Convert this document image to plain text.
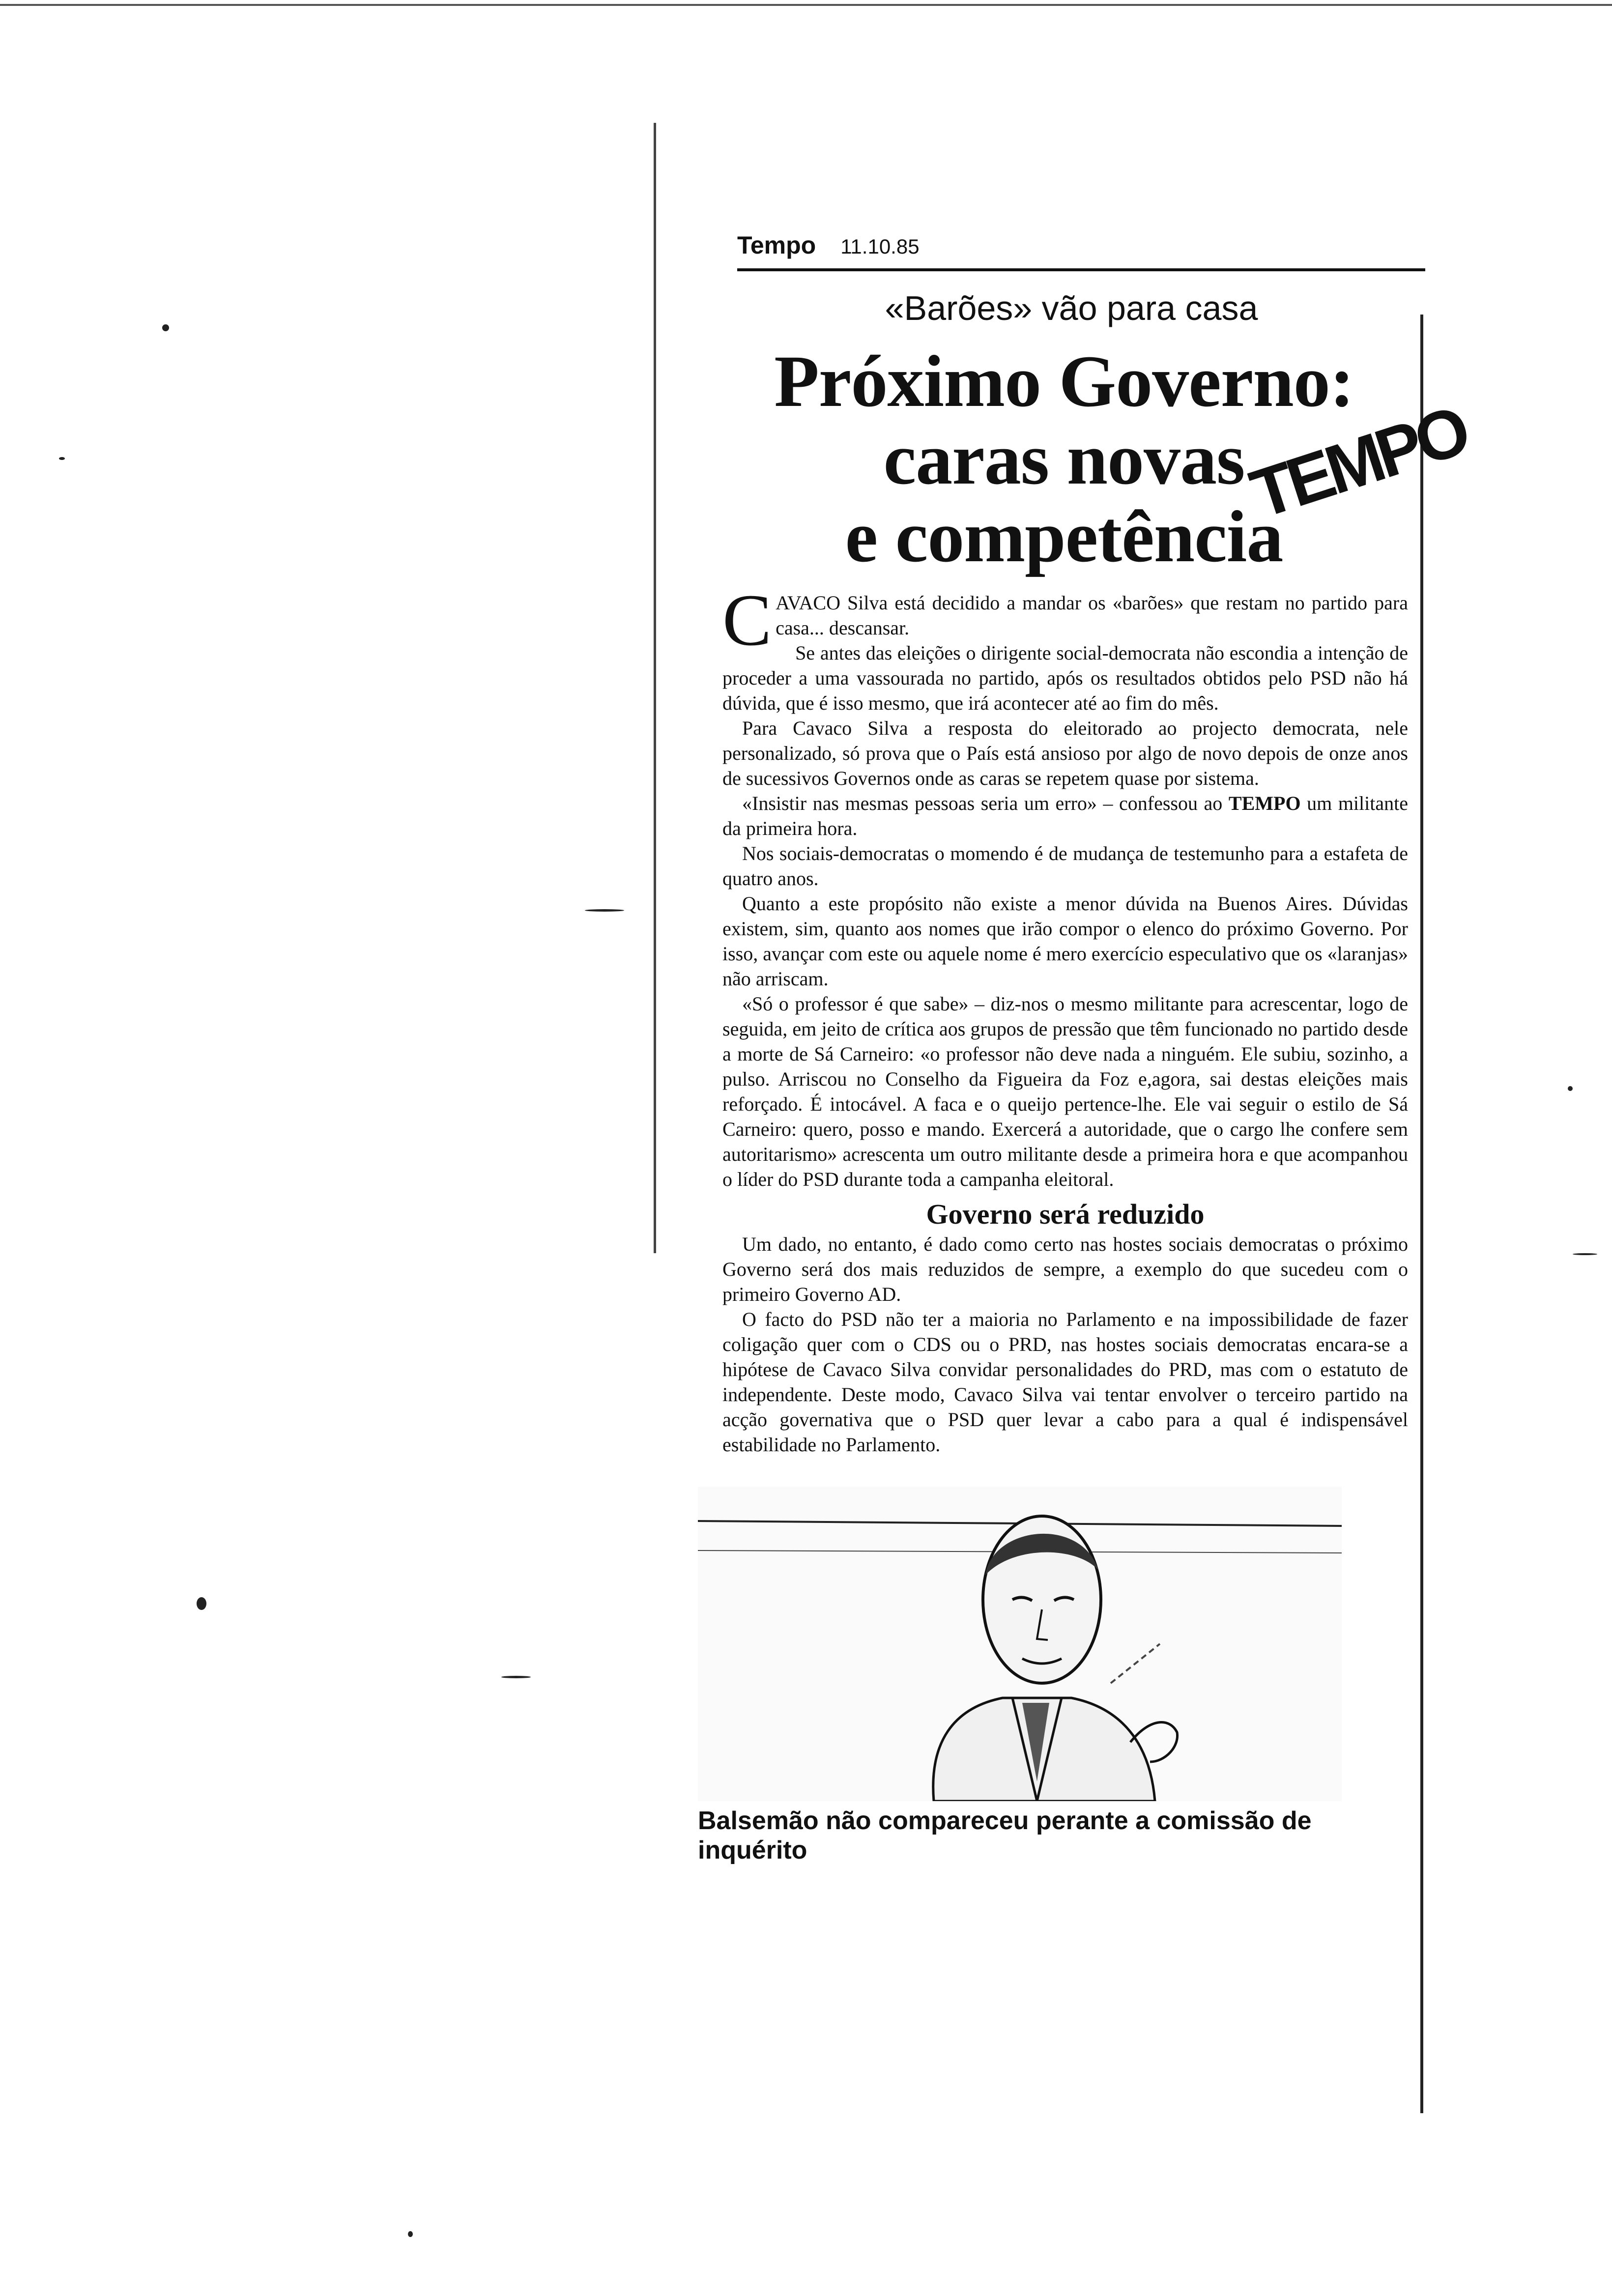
Tempo 11.10.85
«Barões» vão para casa
Próximo Governo:
caras novas
e competência
TEMPO

CAVACO Silva está decidido a mandar os «barões» que restam no partido para casa... descansar.

Se antes das eleições o dirigente social-democrata não escondia a intenção de proceder a uma vassourada no partido, após os resultados obtidos pelo PSD não há dúvida, que é isso mesmo, que irá acontecer até ao fim do mês.

Para Cavaco Silva a resposta do eleitorado ao projecto democrata, nele personalizado, só prova que o País está ansioso por algo de novo depois de onze anos de sucessivos Governos onde as caras se repetem quase por sistema.

«Insistir nas mesmas pessoas seria um erro» – confessou ao TEMPO um militante da primeira hora.

Nos sociais-democratas o momendo é de mudança de testemunho para a estafeta de quatro anos.

Quanto a este propósito não existe a menor dúvida na Buenos Aires. Dúvidas existem, sim, quanto aos nomes que irão compor o elenco do próximo Governo. Por isso, avançar com este ou aquele nome é mero exercício especulativo que os «laranjas» não arriscam.

«Só o professor é que sabe» – diz-nos o mesmo militante para acrescentar, logo de seguida, em jeito de crítica aos grupos de pressão que têm funcionado no partido desde a morte de Sá Carneiro: «o professor não deve nada a ninguém. Ele subiu, sozinho, a pulso. Arriscou no Conselho da Figueira da Foz e,agora, sai destas eleições mais reforçado. É intocável. A faca e o queijo pertence-lhe. Ele vai seguir o estilo de Sá Carneiro: quero, posso e mando. Exercerá a autoridade, que o cargo lhe confere sem autoritarismo» acrescenta um outro militante desde a primeira hora e que acompanhou o líder do PSD durante toda a campanha eleitoral.

Governo será reduzido

Um dado, no entanto, é dado como certo nas hostes sociais democratas o próximo Governo será dos mais reduzidos de sempre, a exemplo do que sucedeu com o primeiro Governo AD.

O facto do PSD não ter a maioria no Parlamento e na impossibilidade de fazer coligação quer com o CDS ou o PRD, nas hostes sociais democratas encara-se a hipótese de Cavaco Silva convidar personalidades do PRD, mas com o estatuto de independente. Deste modo, Cavaco Silva vai tentar envolver o terceiro partido na acção governativa que o PSD quer levar a cabo para a qual é indispensável estabilidade no Parlamento.

Balsemão não compareceu perante a comissão de inquérito
